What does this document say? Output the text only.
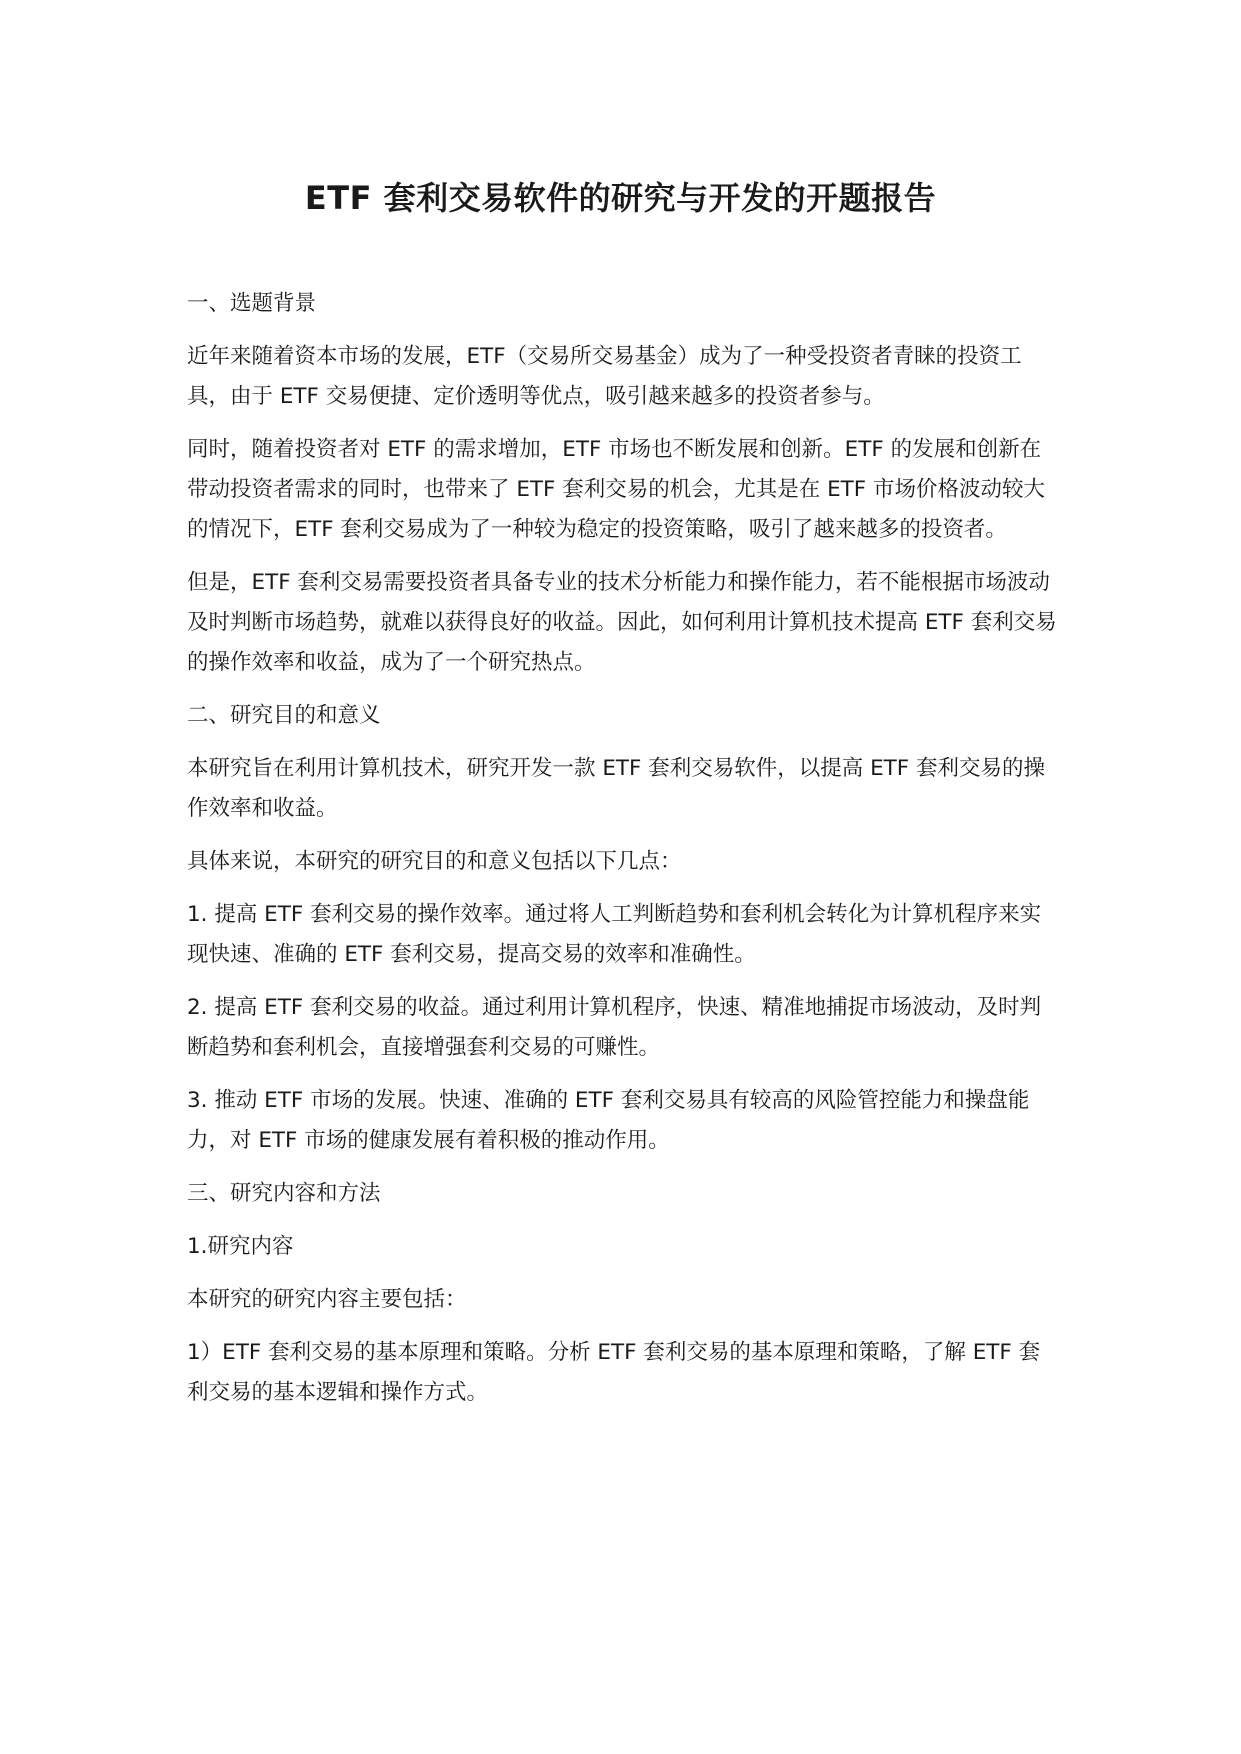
ETF 套利交易软件的研究与开发的开题报告

一、选题背景

近年来随着资本市场的发展，ETF（交易所交易基金）成为了一种受投资者青睐的投资工具，由于 ETF 交易便捷、定价透明等优点，吸引越来越多的投资者参与。

同时，随着投资者对 ETF 的需求增加，ETF 市场也不断发展和创新。ETF 的发展和创新在带动投资者需求的同时，也带来了 ETF 套利交易的机会，尤其是在 ETF 市场价格波动较大的情况下，ETF 套利交易成为了一种较为稳定的投资策略，吸引了越来越多的投资者。

但是，ETF 套利交易需要投资者具备专业的技术分析能力和操作能力，若不能根据市场波动及时判断市场趋势，就难以获得良好的收益。因此，如何利用计算机技术提高 ETF 套利交易的操作效率和收益，成为了一个研究热点。

二、研究目的和意义

本研究旨在利用计算机技术，研究开发一款 ETF 套利交易软件，以提高 ETF 套利交易的操作效率和收益。

具体来说，本研究的研究目的和意义包括以下几点：

1. 提高 ETF 套利交易的操作效率。通过将人工判断趋势和套利机会转化为计算机程序来实现快速、准确的 ETF 套利交易，提高交易的效率和准确性。

2. 提高 ETF 套利交易的收益。通过利用计算机程序，快速、精准地捕捉市场波动，及时判断趋势和套利机会，直接增强套利交易的可赚性。

3. 推动 ETF 市场的发展。快速、准确的 ETF 套利交易具有较高的风险管控能力和操盘能力，对 ETF 市场的健康发展有着积极的推动作用。

三、研究内容和方法

1.研究内容

本研究的研究内容主要包括：

1）ETF 套利交易的基本原理和策略。分析 ETF 套利交易的基本原理和策略，了解 ETF 套利交易的基本逻辑和操作方式。
